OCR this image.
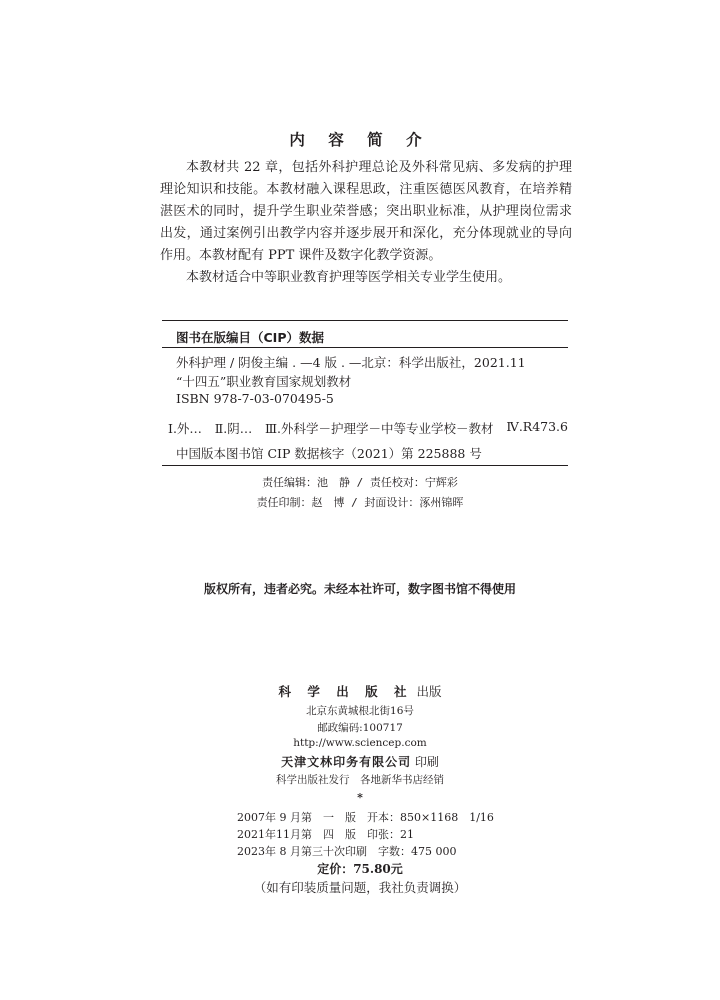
内 容 简 介

本教材共 22 章，包括外科护理总论及外科常见病、多发病的护理理论知识和技能。本教材融入课程思政，注重医德医风教育，在培养精湛医术的同时，提升学生职业荣誉感；突出职业标准，从护理岗位需求出发，通过案例引出教学内容并逐步展开和深化，充分体现就业的导向作用。本教材配有 PPT 课件及数字化教学资源。

本教材适合中等职业教育护理等医学相关专业学生使用。

图书在版编目（CIP）数据
外科护理 / 阴俊主编 . —4 版 . —北京：科学出版社，2021.11
“十四五”职业教育国家规划教材
ISBN 978-7-03-070495-5
Ⅰ.外… Ⅱ.阴… Ⅲ.外科学－护理学－中等专业学校－教材 Ⅳ.R473.6
中国版本图书馆 CIP 数据核字（2021）第 225888 号
责任编辑：池　静 / 责任校对：宁辉彩
责任印制：赵　博 / 封面设计：涿州锦晖
版权所有，违者必究。未经本社许可，数字图书馆不得使用
科 学 出 版 社 出版
北京东黄城根北街16号
邮政编码:100717
http://www.sciencep.com
天津文林印务有限公司 印刷
科学出版社发行　各地新华书店经销
*
2007年 9 月第　一　版　开本：850×1168　1/16
2021年11月第　四　版　印张：21
2023年 8 月第三十次印刷　字数：475 000
定价：75.80元
（如有印装质量问题，我社负责调换）
